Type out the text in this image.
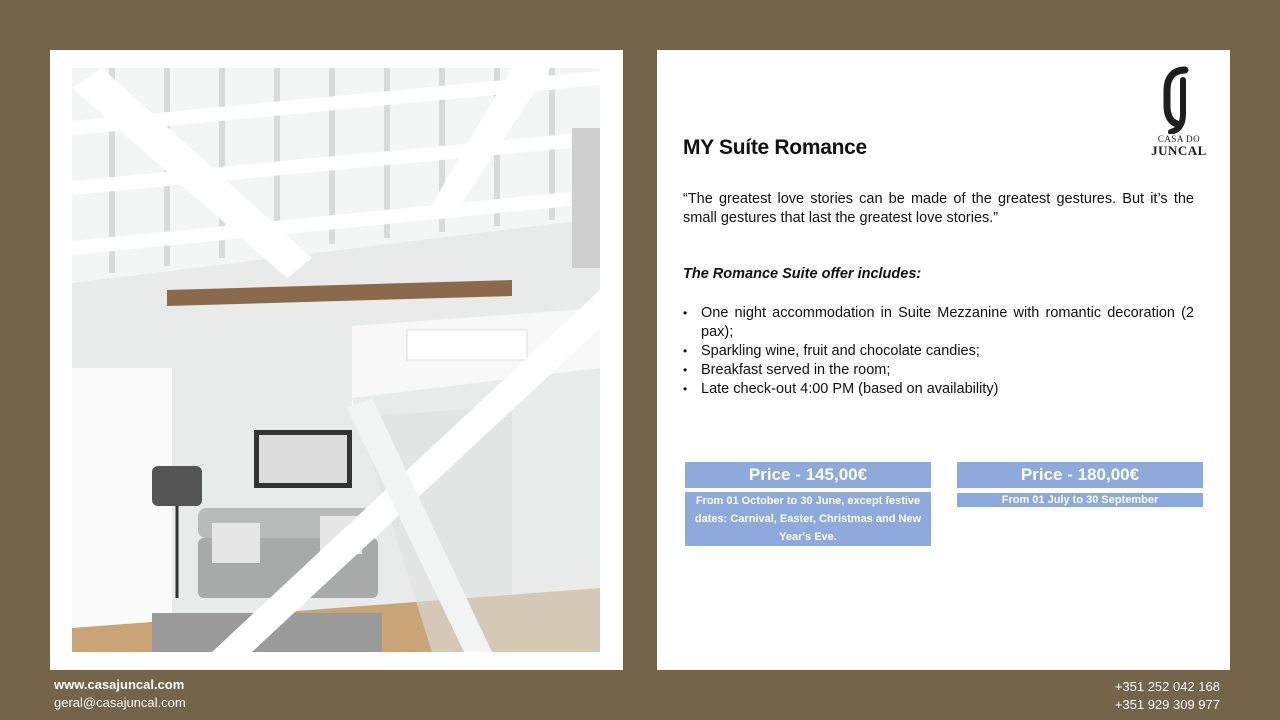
CASA DO
JUNCAL
MY Suíte Romance

“The greatest love stories can be made of the greatest gestures. But it’s the small gestures that last the greatest love stories.”

The Romance Suite offer includes:

• One night accommodation in Suite Mezzanine with romantic decoration (2 pax);
• Sparkling wine, fruit and chocolate candies;
• Breakfast served in the room;
• Late check-out 4:00 PM (based on availability)
Price - 145,00€
From 01 October to 30 June, except festive dates: Carnival, Easter, Christmas and New Year's Eve.
Price - 180,00€
From 01 July to 30 September
www.casajuncal.com
geral@casajuncal.com
+351 252 042 168
+351 929 309 977
